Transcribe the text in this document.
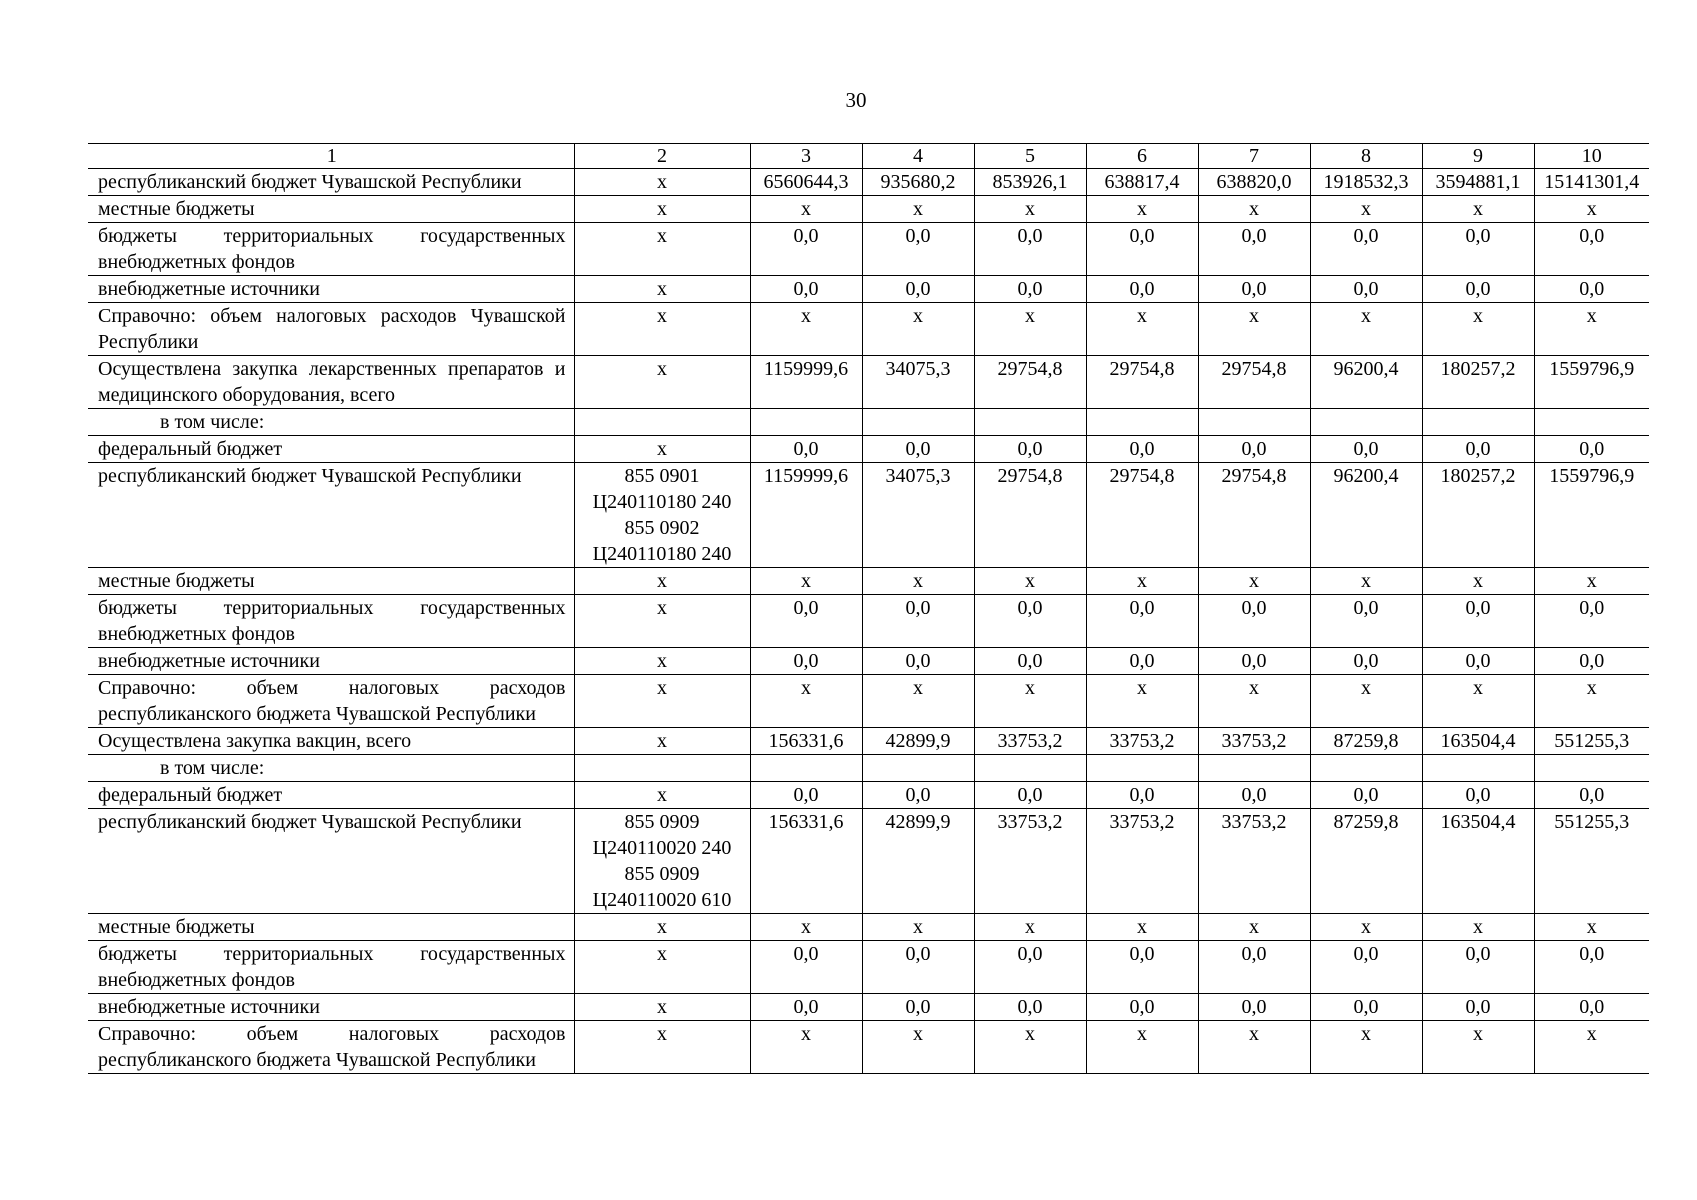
30
1	2	3	4	5	6	7	8	9	10
республиканский бюджет Чувашской Республики	х	6560644,3	935680,2	853926,1	638817,4	638820,0	1918532,3	3594881,1	15141301,4
местные бюджеты	х	х	х	х	х	х	х	х	х
бюджеты территориальных государственных внебюджетных фондов	х	0,0	0,0	0,0	0,0	0,0	0,0	0,0	0,0
внебюджетные источники	х	0,0	0,0	0,0	0,0	0,0	0,0	0,0	0,0
Справочно: объем налоговых расходов Чувашской Республики	х	х	х	х	х	х	х	х	х
Осуществлена закупка лекарственных препаратов и медицинского оборудования, всего	х	1159999,6	34075,3	29754,8	29754,8	29754,8	96200,4	180257,2	1559796,9
в том числе:									
федеральный бюджет	х	0,0	0,0	0,0	0,0	0,0	0,0	0,0	0,0
республиканский бюджет Чувашской Республики	855 0901 Ц240110180 240 855 0902 Ц240110180 240	1159999,6	34075,3	29754,8	29754,8	29754,8	96200,4	180257,2	1559796,9
местные бюджеты	х	х	х	х	х	х	х	х	х
бюджеты территориальных государственных внебюджетных фондов	х	0,0	0,0	0,0	0,0	0,0	0,0	0,0	0,0
внебюджетные источники	х	0,0	0,0	0,0	0,0	0,0	0,0	0,0	0,0
Справочно: объем налоговых расходов республиканского бюджета Чувашской Республики	х	х	х	х	х	х	х	х	х
Осуществлена закупка вакцин, всего	х	156331,6	42899,9	33753,2	33753,2	33753,2	87259,8	163504,4	551255,3
в том числе:									
федеральный бюджет	х	0,0	0,0	0,0	0,0	0,0	0,0	0,0	0,0
республиканский бюджет Чувашской Республики	855 0909 Ц240110020 240 855 0909 Ц240110020 610	156331,6	42899,9	33753,2	33753,2	33753,2	87259,8	163504,4	551255,3
местные бюджеты	х	х	х	х	х	х	х	х	х
бюджеты территориальных государственных внебюджетных фондов	х	0,0	0,0	0,0	0,0	0,0	0,0	0,0	0,0
внебюджетные источники	х	0,0	0,0	0,0	0,0	0,0	0,0	0,0	0,0
Справочно: объем налоговых расходов республиканского бюджета Чувашской Республики	х	х	х	х	х	х	х	х	х
